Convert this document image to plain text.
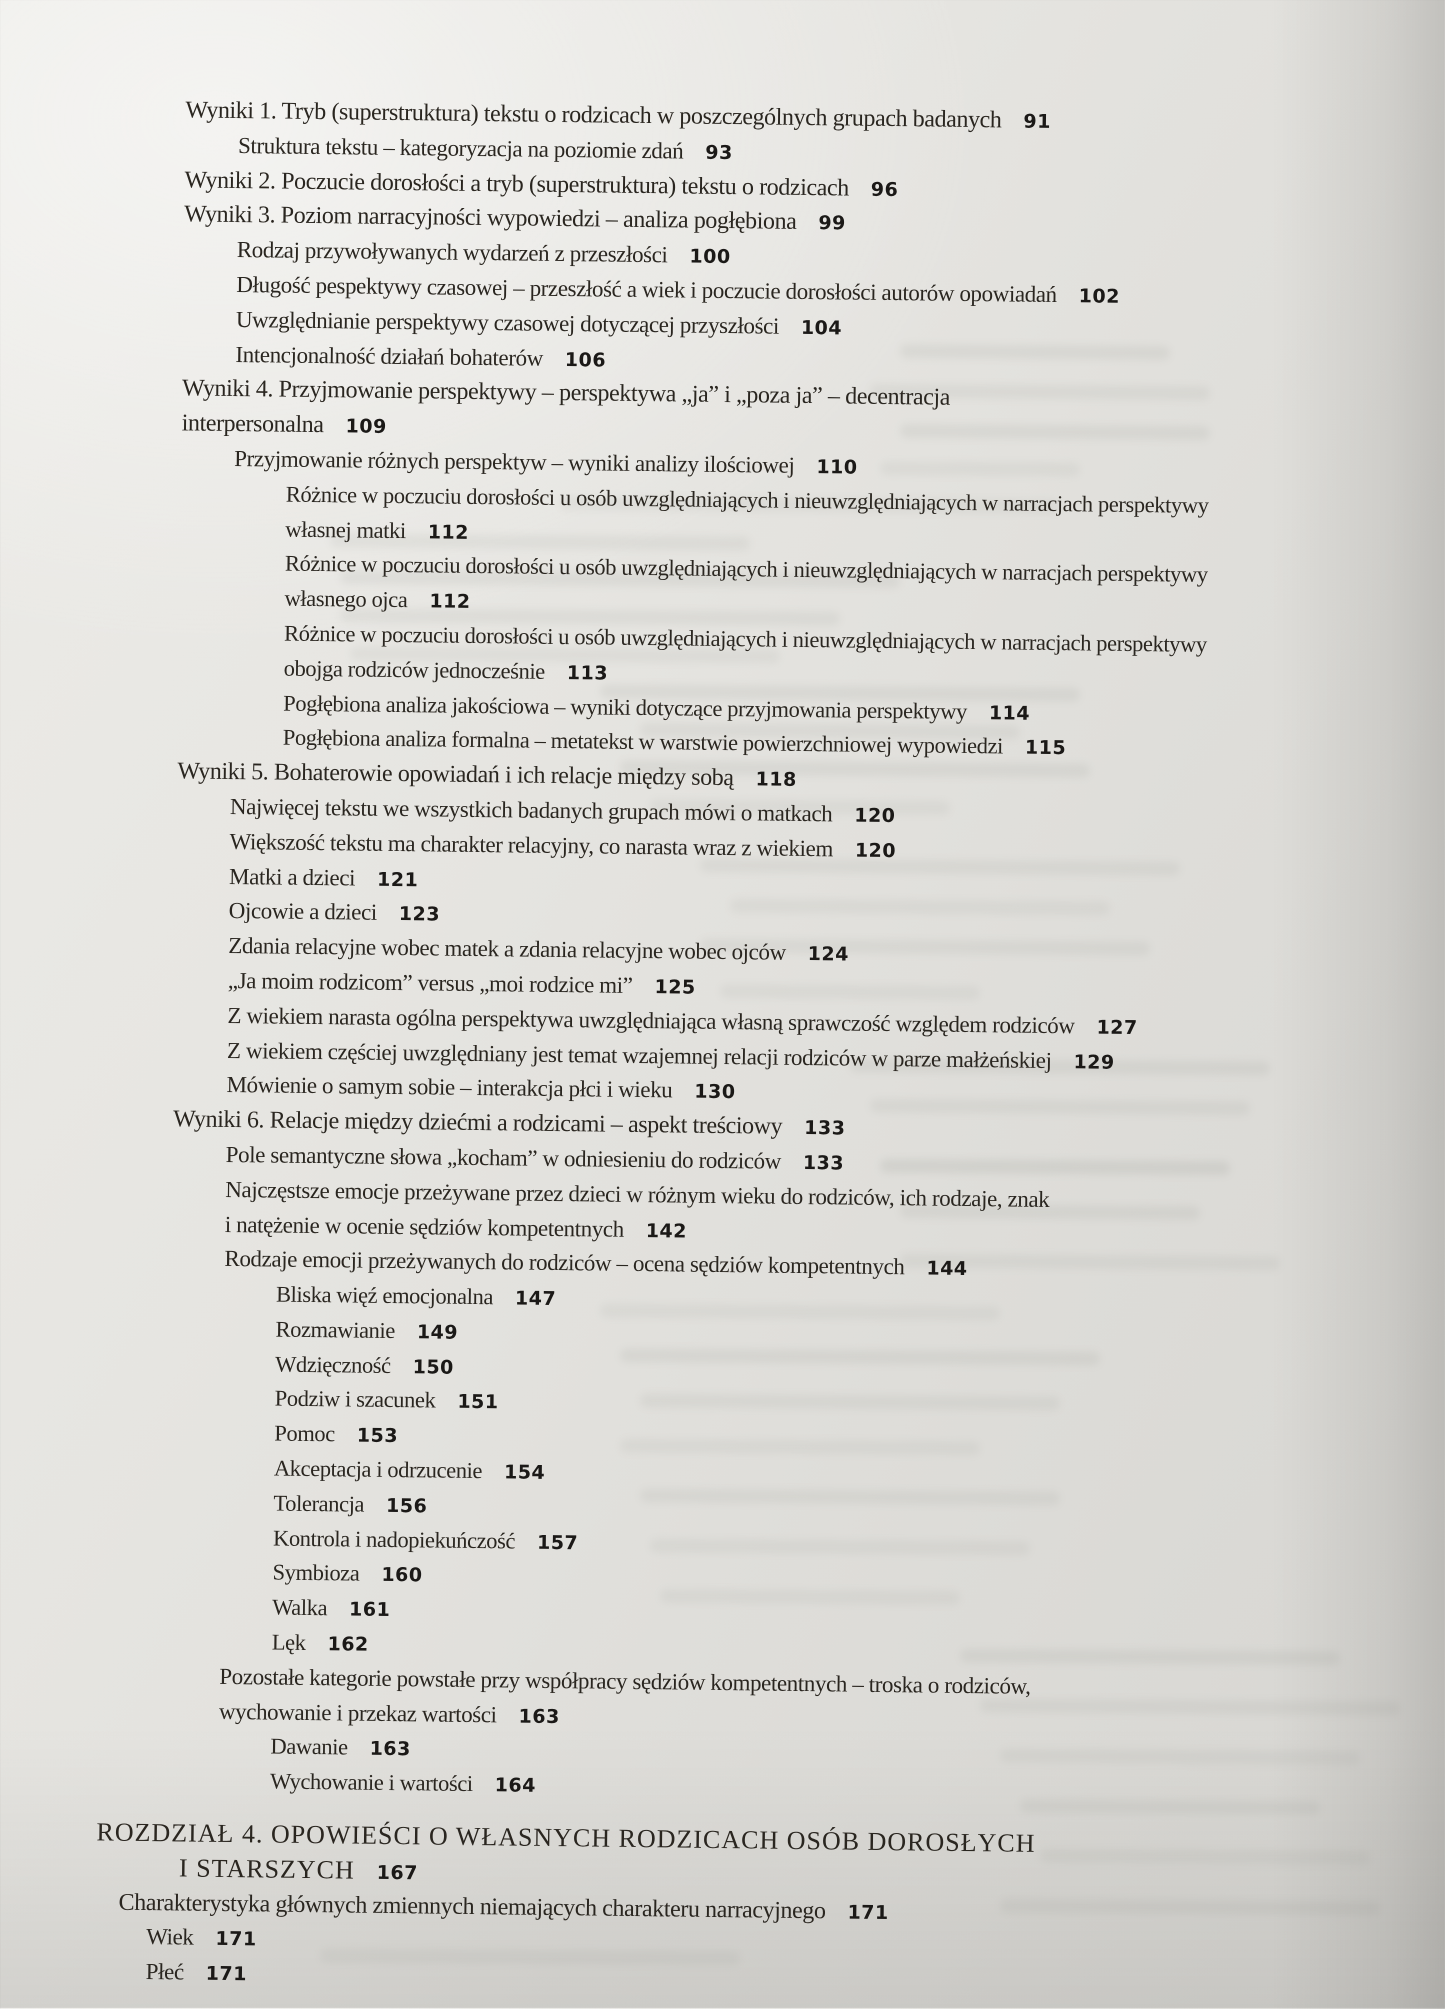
Wyniki 1. Tryb (superstruktura) tekstu o rodzicach w poszczególnych grupach badanych 91
Struktura tekstu – kategoryzacja na poziomie zdań 93
Wyniki 2. Poczucie dorosłości a tryb (superstruktura) tekstu o rodzicach 96
Wyniki 3. Poziom narracyjności wypowiedzi – analiza pogłębiona 99
Rodzaj przywoływanych wydarzeń z przeszłości 100
Długość pespektywy czasowej – przeszłość a wiek i poczucie dorosłości autorów opowiadań 102
Uwzględnianie perspektywy czasowej dotyczącej przyszłości 104
Intencjonalność działań bohaterów 106
Wyniki 4. Przyjmowanie perspektywy – perspektywa „ja” i „poza ja” – decentracja
interpersonalna 109
Przyjmowanie różnych perspektyw – wyniki analizy ilościowej 110
Różnice w poczuciu dorosłości u osób uwzględniających i nieuwzględniających w narracjach perspektywy
własnej matki 112
Różnice w poczuciu dorosłości u osób uwzględniających i nieuwzględniających w narracjach perspektywy
własnego ojca 112
Różnice w poczuciu dorosłości u osób uwzględniających i nieuwzględniających w narracjach perspektywy
obojga rodziców jednocześnie 113
Pogłębiona analiza jakościowa – wyniki dotyczące przyjmowania perspektywy 114
Pogłębiona analiza formalna – metatekst w warstwie powierzchniowej wypowiedzi 115
Wyniki 5. Bohaterowie opowiadań i ich relacje między sobą 118
Najwięcej tekstu we wszystkich badanych grupach mówi o matkach 120
Większość tekstu ma charakter relacyjny, co narasta wraz z wiekiem 120
Matki a dzieci 121
Ojcowie a dzieci 123
Zdania relacyjne wobec matek a zdania relacyjne wobec ojców 124
„Ja moim rodzicom” versus „moi rodzice mi” 125
Z wiekiem narasta ogólna perspektywa uwzględniająca własną sprawczość względem rodziców 127
Z wiekiem częściej uwzględniany jest temat wzajemnej relacji rodziców w parze małżeńskiej 129
Mówienie o samym sobie – interakcja płci i wieku 130
Wyniki 6. Relacje między dziećmi a rodzicami – aspekt treściowy 133
Pole semantyczne słowa „kocham” w odniesieniu do rodziców 133
Najczęstsze emocje przeżywane przez dzieci w różnym wieku do rodziców, ich rodzaje, znak
i natężenie w ocenie sędziów kompetentnych 142
Rodzaje emocji przeżywanych do rodziców – ocena sędziów kompetentnych 144
Bliska więź emocjonalna 147
Rozmawianie 149
Wdzięczność 150
Podziw i szacunek 151
Pomoc 153
Akceptacja i odrzucenie 154
Tolerancja 156
Kontrola i nadopiekuńczość 157
Symbioza 160
Walka 161
Lęk 162
Pozostałe kategorie powstałe przy współpracy sędziów kompetentnych – troska o rodziców,
wychowanie i przekaz wartości 163
Dawanie 163
Wychowanie i wartości 164
ROZDZIAŁ 4. OPOWIEŚCI O WŁASNYCH RODZICACH OSÓB DOROSŁYCH
I STARSZYCH 167
Charakterystyka głównych zmiennych niemających charakteru narracyjnego 171
Wiek 171
Płeć 171
